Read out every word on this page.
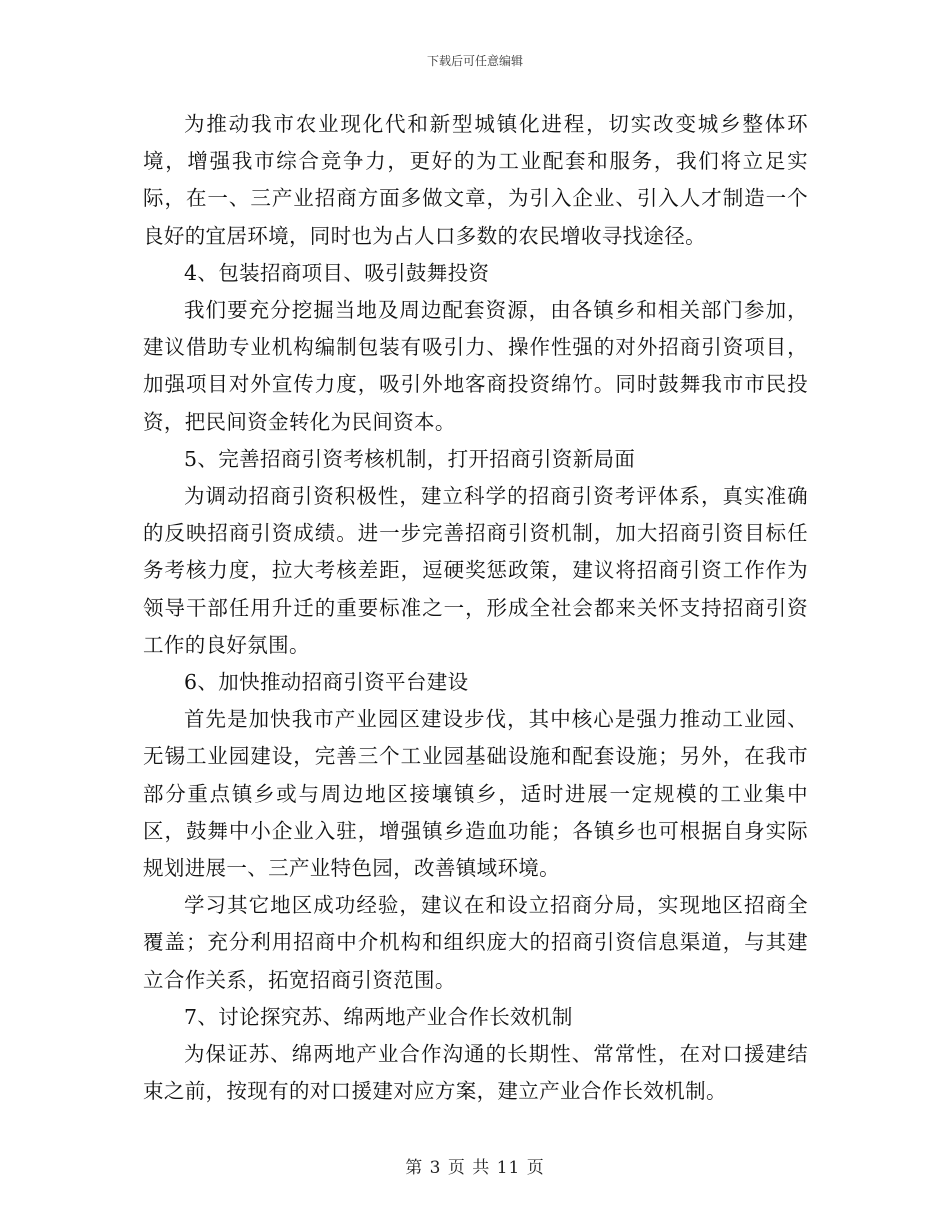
下载后可任意编辑

为推动我市农业现化代和新型城镇化进程，切实改变城乡整体环境，增强我市综合竞争力，更好的为工业配套和服务，我们将立足实际，在一、三产业招商方面多做文章，为引入企业、引入人才制造一个良好的宜居环境，同时也为占人口多数的农民增收寻找途径。

4、包装招商项目、吸引鼓舞投资

我们要充分挖掘当地及周边配套资源，由各镇乡和相关部门参加，建议借助专业机构编制包装有吸引力、操作性强的对外招商引资项目，加强项目对外宣传力度，吸引外地客商投资绵竹。同时鼓舞我市市民投资，把民间资金转化为民间资本。

5、完善招商引资考核机制，打开招商引资新局面

为调动招商引资积极性，建立科学的招商引资考评体系，真实准确的反映招商引资成绩。进一步完善招商引资机制，加大招商引资目标任务考核力度，拉大考核差距，逗硬奖惩政策，建议将招商引资工作作为领导干部任用升迁的重要标准之一，形成全社会都来关怀支持招商引资工作的良好氛围。

6、加快推动招商引资平台建设

首先是加快我市产业园区建设步伐，其中核心是强力推动工业园、无锡工业园建设，完善三个工业园基础设施和配套设施；另外，在我市部分重点镇乡或与周边地区接壤镇乡，适时进展一定规模的工业集中区，鼓舞中小企业入驻，增强镇乡造血功能；各镇乡也可根据自身实际规划进展一、三产业特色园，改善镇域环境。

学习其它地区成功经验，建议在和设立招商分局，实现地区招商全覆盖；充分利用招商中介机构和组织庞大的招商引资信息渠道，与其建立合作关系，拓宽招商引资范围。

7、讨论探究苏、绵两地产业合作长效机制

为保证苏、绵两地产业合作沟通的长期性、常常性，在对口援建结束之前，按现有的对口援建对应方案，建立产业合作长效机制。

第 3 页 共 11 页
